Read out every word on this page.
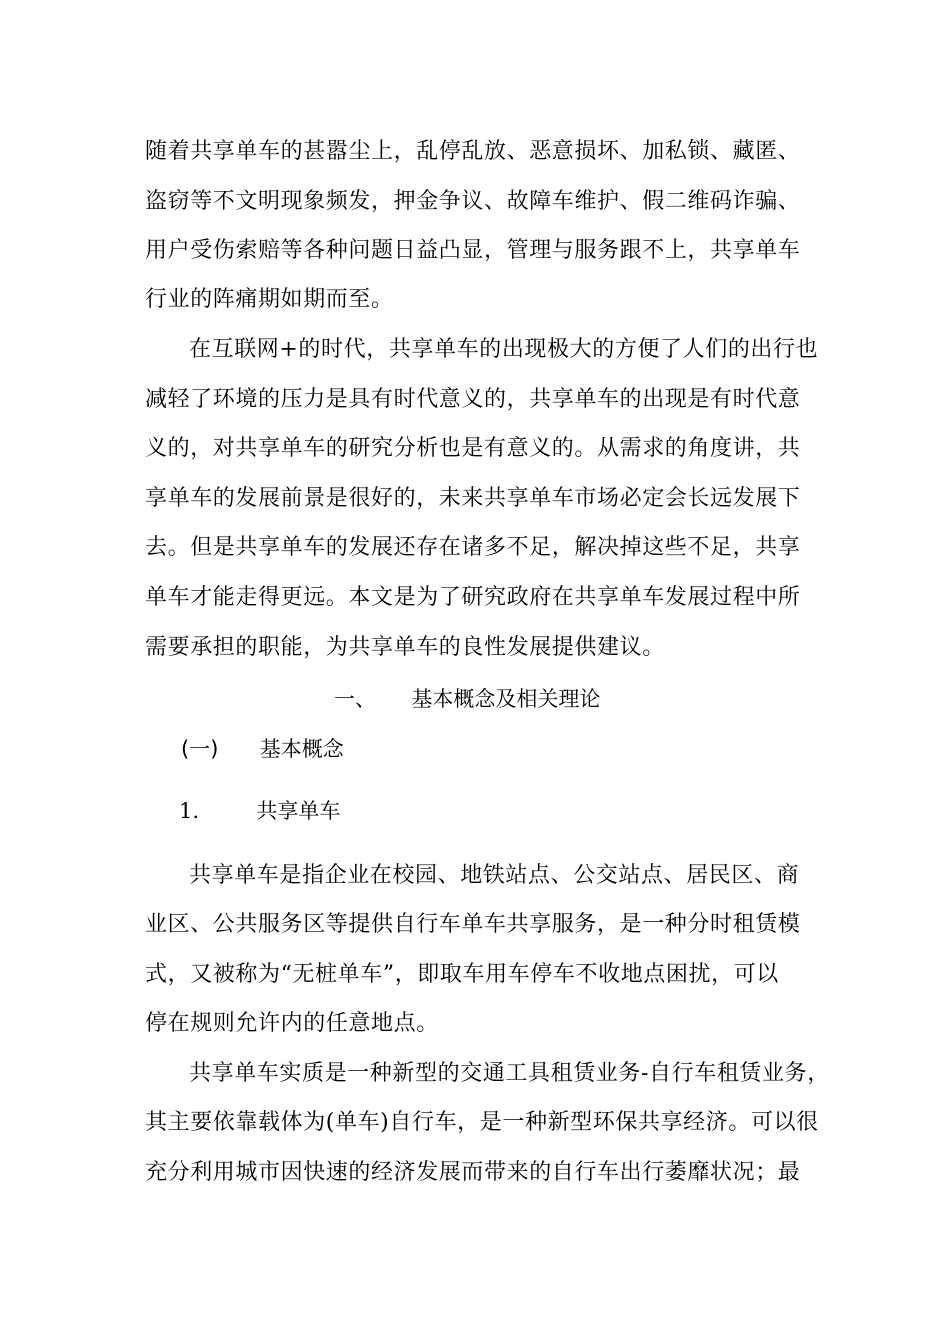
随着共享单车的甚嚣尘上，乱停乱放、恶意损坏、加私锁、藏匿、
盗窃等不文明现象频发，押金争议、故障车维护、假二维码诈骗、
用户受伤索赔等各种问题日益凸显，管理与服务跟不上，共享单车
行业的阵痛期如期而至。
在互联网+的时代，共享单车的出现极大的方便了人们的出行也
减轻了环境的压力是具有时代意义的，共享单车的出现是有时代意
义的，对共享单车的研究分析也是有意义的。从需求的角度讲，共
享单车的发展前景是很好的，未来共享单车市场必定会长远发展下
去。但是共享单车的发展还存在诸多不足，解决掉这些不足，共享
单车才能走得更远。本文是为了研究政府在共享单车发展过程中所
需要承担的职能，为共享单车的良性发展提供建议。
一、 基本概念及相关理论
(一) 基本概念
1.	共享单车
共享单车是指企业在校园、地铁站点、公交站点、居民区、商
业区、公共服务区等提供自行车单车共享服务，是一种分时租赁模
式，又被称为“无桩单车”，即取车用车停车不收地点困扰，可以
停在规则允许内的任意地点。
共享单车实质是一种新型的交通工具租赁业务-自行车租赁业务，
其主要依靠载体为(单车)自行车，是一种新型环保共享经济。可以很
充分利用城市因快速的经济发展而带来的自行车出行萎靡状况；最
